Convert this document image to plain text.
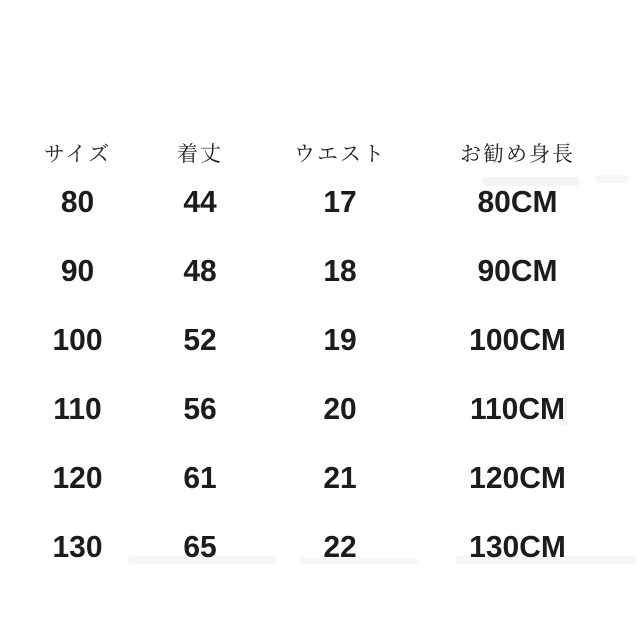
サイズ	着丈	ウエスト	お勧め身長
80	44	17	80CM
90	48	18	90CM
100	52	19	100CM
110	56	20	110CM
120	61	21	120CM
130	65	22	130CM
